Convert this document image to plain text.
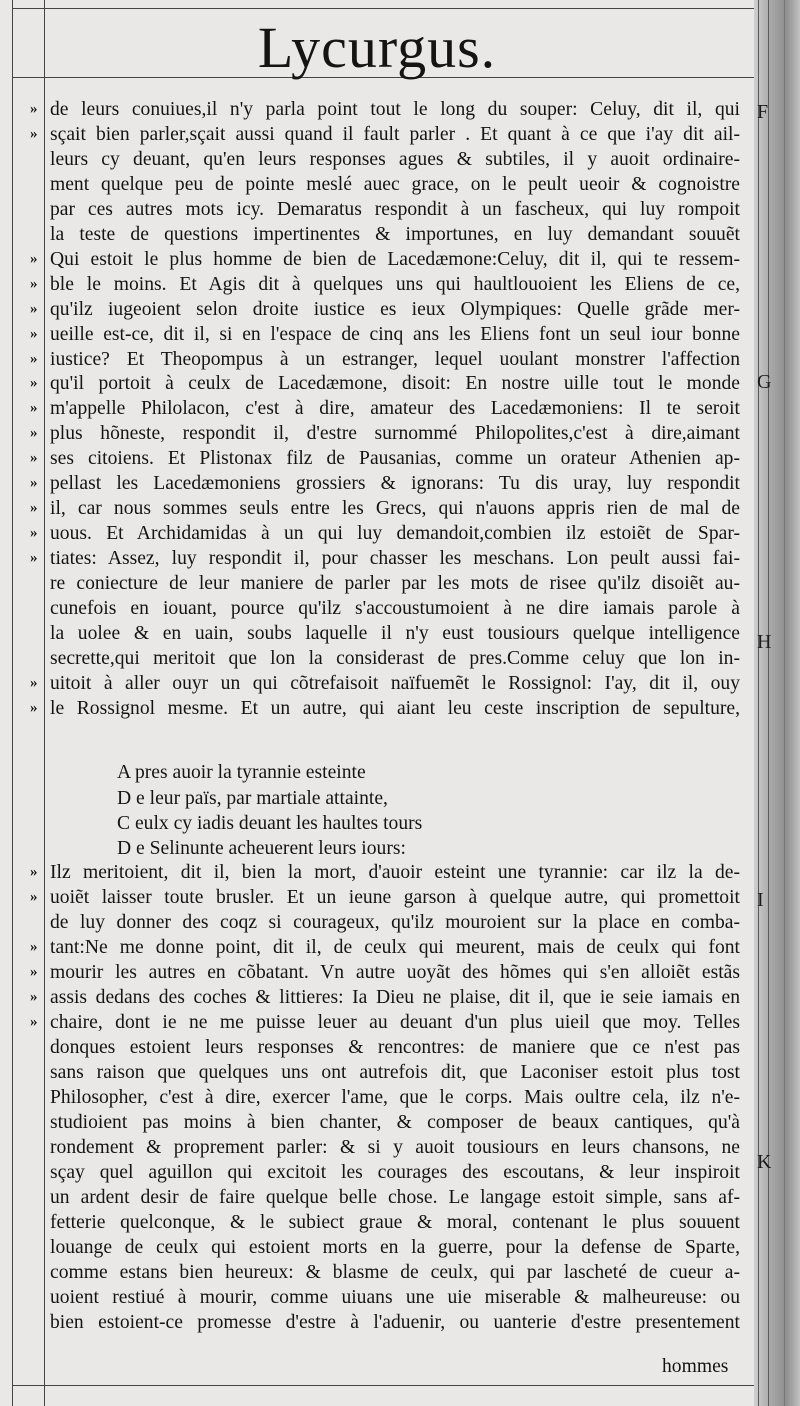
Lycurgus.
de leurs conuiues,il n'y parla point tout le long du souper: Celuy, dit il, qui
sçait bien parler,sçait aussi quand il fault parler . Et quant à ce que i'ay dit ail-
leurs cy deuant, qu'en leurs responses agues & subtiles, il y auoit ordinaire-
ment quelque peu de pointe meslé auec grace, on le peult ueoir & cognoistre
par ces autres mots icy. Demaratus respondit à un fascheux, qui luy rompoit
la teste de questions impertinentes & importunes, en luy demandant souuẽt
Qui estoit le plus homme de bien de Lacedæmone:Celuy, dit il, qui te ressem-
ble le moins. Et Agis dit à quelques uns qui haultlouoient les Eliens de ce,
qu'ilz iugeoient selon droite iustice es ieux Olympiques: Quelle grãde mer-
ueille est-ce, dit il, si en l'espace de cinq ans les Eliens font un seul iour bonne
iustice? Et Theopompus à un estranger, lequel uoulant monstrer l'affection
qu'il portoit à ceulx de Lacedæmone, disoit: En nostre uille tout le monde
m'appelle Philolacon, c'est à dire, amateur des Lacedæmoniens: Il te seroit
plus hõneste, respondit il, d'estre surnommé Philopolites,c'est à dire,aimant
ses citoiens. Et Plistonax filz de Pausanias, comme un orateur Athenien ap-
pellast les Lacedæmoniens grossiers & ignorans: Tu dis uray, luy respondit
il, car nous sommes seuls entre les Grecs, qui n'auons appris rien de mal de
uous. Et Archidamidas à un qui luy demandoit,combien ilz estoiẽt de Spar-
tiates: Assez, luy respondit il, pour chasser les meschans. Lon peult aussi fai-
re coniecture de leur maniere de parler par les mots de risee qu'ilz disoiẽt au-
cunefois en iouant, pource qu'ilz s'accoustumoient à ne dire iamais parole à
la uolee & en uain, soubs laquelle il n'y eust tousiours quelque intelligence
secrette,qui meritoit que lon la considerast de pres.Comme celuy que lon in-
uitoit à aller ouyr un qui cõtrefaisoit naïfuemẽt le Rossignol: I'ay, dit il, ouy
le Rossignol mesme. Et un autre, qui aiant leu ceste inscription de sepulture,
Ilz meritoient, dit il, bien la mort, d'auoir esteint une tyrannie: car ilz la de-
uoiẽt laisser toute brusler. Et un ieune garson à quelque autre, qui promettoit
de luy donner des coqz si courageux, qu'ilz mouroient sur la place en comba-
tant:Ne me donne point, dit il, de ceulx qui meurent, mais de ceulx qui font
mourir les autres en cõbatant. Vn autre uoyãt des hõmes qui s'en alloiẽt estãs
assis dedans des coches & littieres: Ia Dieu ne plaise, dit il, que ie seie iamais en
chaire, dont ie ne me puisse leuer au deuant d'un plus uieil que moy. Telles
donques estoient leurs responses & rencontres: de maniere que ce n'est pas
sans raison que quelques uns ont autrefois dit, que Laconiser estoit plus tost
Philosopher, c'est à dire, exercer l'ame, que le corps. Mais oultre cela, ilz n'e-
studioient pas moins à bien chanter, & composer de beaux cantiques, qu'à
rondement & proprement parler: & si y auoit tousiours en leurs chansons, ne
sçay quel aguillon qui excitoit les courages des escoutans, & leur inspiroit
un ardent desir de faire quelque belle chose. Le langage estoit simple, sans af-
fetterie quelconque, & le subiect graue & moral, contenant le plus souuent
louange de ceulx qui estoient morts en la guerre, pour la defense de Sparte,
comme estans bien heureux: & blasme de ceulx, qui par lascheté de cueur a-
uoient restiué à mourir, comme uiuans une uie miserable & malheureuse: ou
bien estoient-ce promesse d'estre à l'aduenir, ou uanterie d'estre presentement
A pres auoir la tyrannie esteinte
D e leur païs, par martiale attainte,
C eulx cy iadis deuant les haultes tours
D e Selinunte acheuerent leurs iours:
»
»
»
»
»
»
»
»
»
»
»
»
»
»
»
»
»
»
»
»
»
»
»
hommes
F
G
H
I
K
